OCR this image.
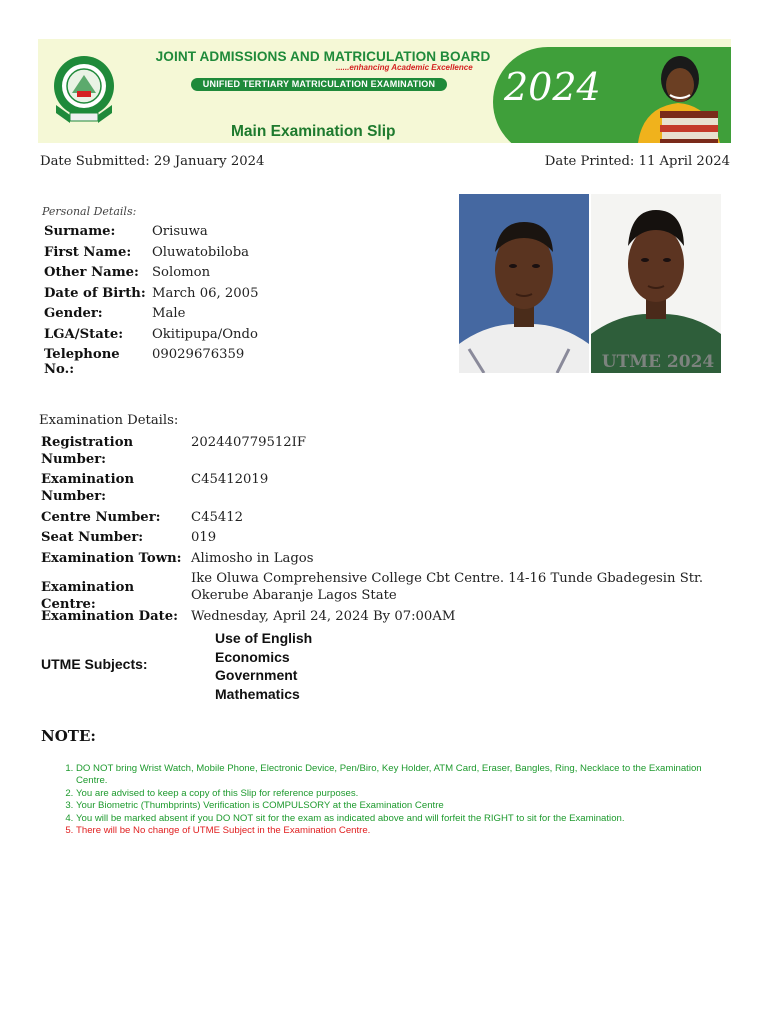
JOINT ADMISSIONS AND MATRICULATION BOARD
......enhancing Academic Excellence
UNIFIED TERTIARY MATRICULATION EXAMINATION
Main Examination Slip
2024
Date Submitted: 29 January 2024	Date Printed: 11 April 2024
Personal Details:
Surname:	Orisuwa
First Name:	Oluwatobiloba
Other Name: Solomon
Date of Birth: March 06, 2005
Gender:	Male
LGA/State:	Okitipupa/Ondo
Telephone No.:
09029676359	UTME 2024
Examination Details:
Registration Number:
202440779512IF
Examination Number:
C45412019
Centre Number:	C45412
Seat Number:	019
Examination Town: Alimosho in Lagos
Examination Centre:
Ike Oluwa Comprehensive College Cbt Centre. 14-16 Tunde Gbadegesin Str. Okerube Abaranje Lagos State
Examination Date: Wednesday, April 24, 2024 By 07:00AM
UTME Subjects:
Use of English
Economics
Government
Mathematics
NOTE:
1. DO NOT bring Wrist Watch, Mobile Phone, Electronic Device, Pen/Biro, Key Holder, ATM Card, Eraser, Bangles, Ring, Necklace to the Examination Centre.
2. You are advised to keep a copy of this Slip for reference purposes.
3. Your Biometric (Thumbprints) Verification is COMPULSORY at the Examination Centre
4. You will be marked absent if you DO NOT sit for the exam as indicated above and will forfeit the RIGHT to sit for the Examination.
5. There will be No change of UTME Subject in the Examination Centre.
